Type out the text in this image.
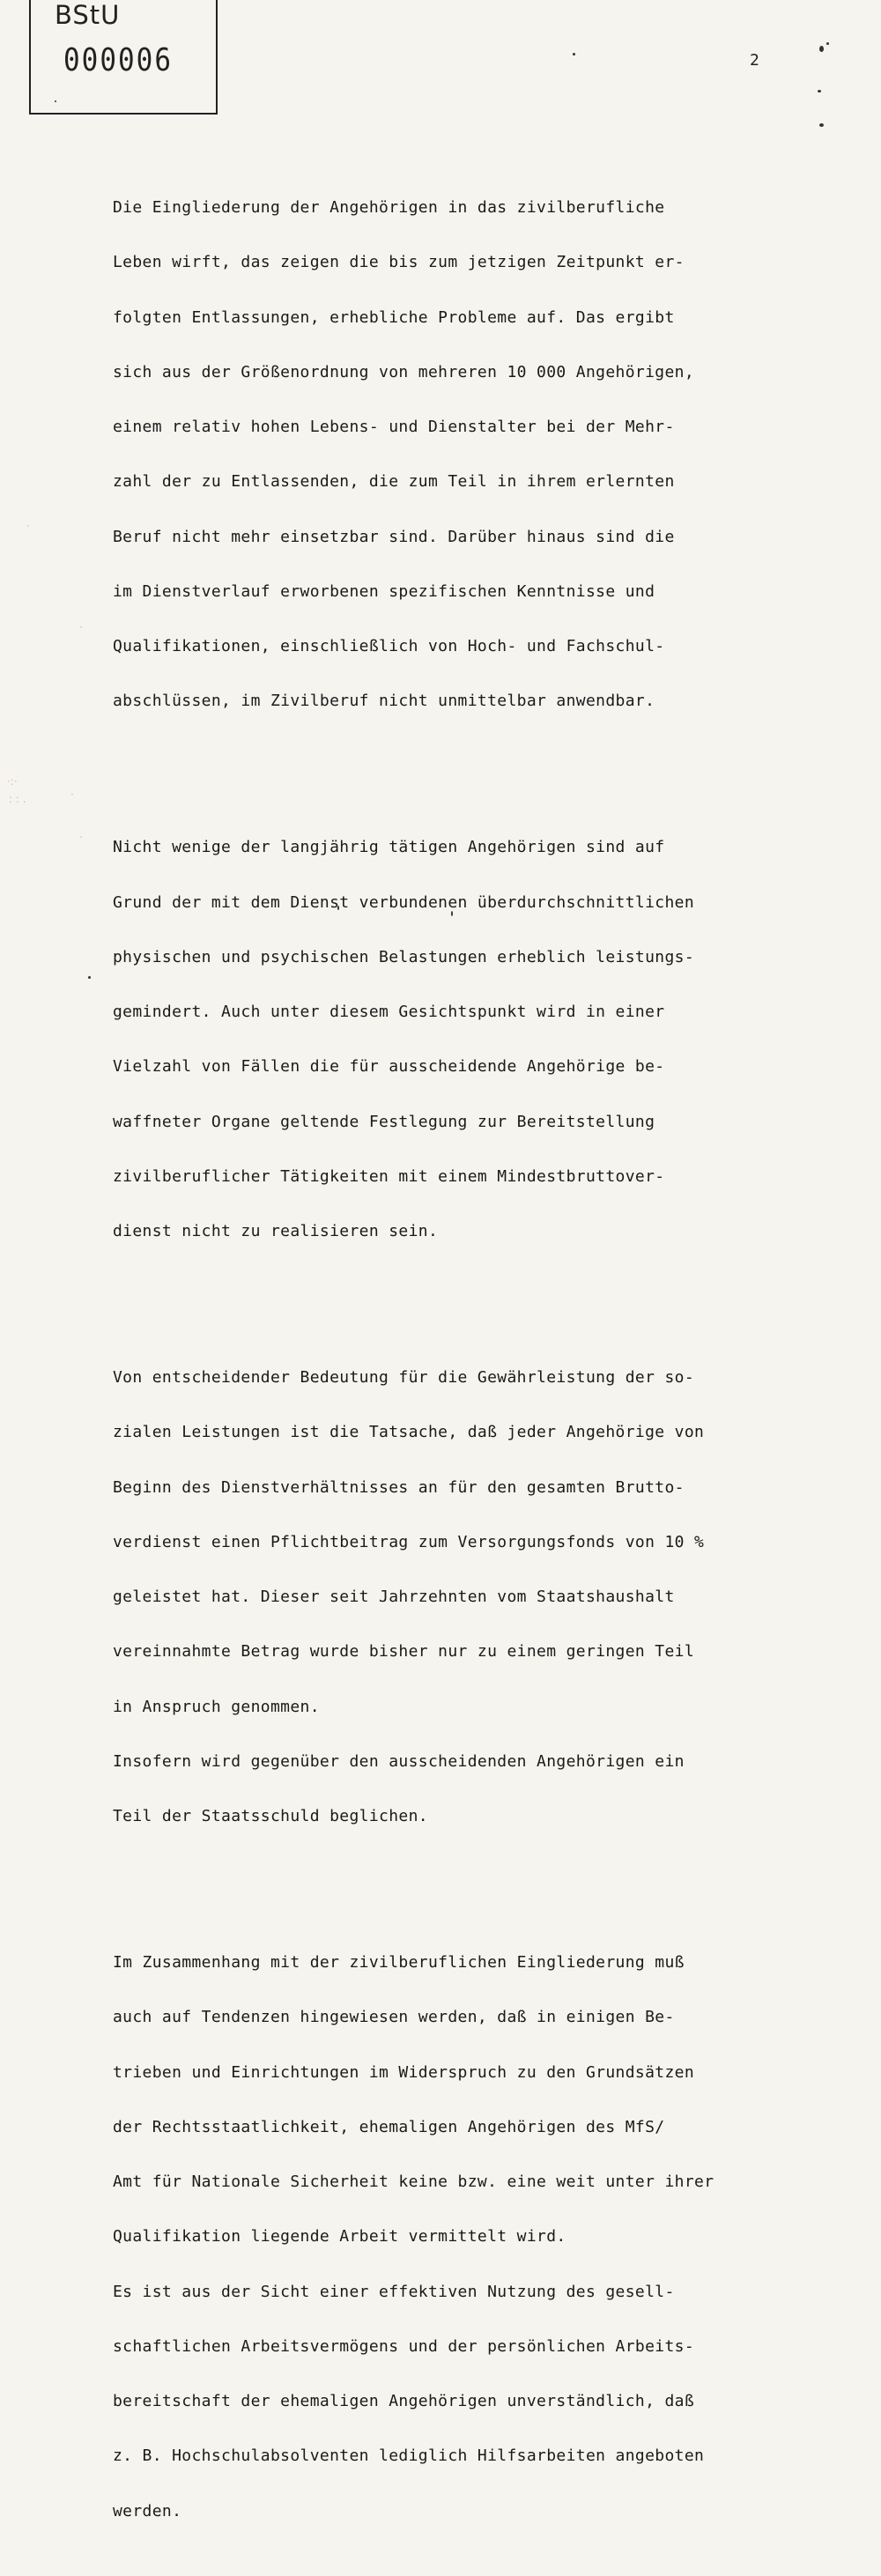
BStU
000006	2
·:·
: : .	·
.
·
·

Die Eingliederung der Angehörigen in das zivilberufliche

Leben wirft, das zeigen die bis zum jetzigen Zeitpunkt er-

folgten Entlassungen, erhebliche Probleme auf. Das ergibt

sich aus der Größenordnung von mehreren 10 000 Angehörigen,

einem relativ hohen Lebens- und Dienstalter bei der Mehr-

zahl der zu Entlassenden, die zum Teil in ihrem erlernten

Beruf nicht mehr einsetzbar sind. Darüber hinaus sind die

im Dienstverlauf erworbenen spezifischen Kenntnisse und

Qualifikationen, einschließlich von Hoch- und Fachschul-

abschlüssen, im Zivilberuf nicht unmittelbar anwendbar.

Nicht wenige der langjährig tätigen Angehörigen sind auf

Grund der mit dem Dienst verbundenen überdurchschnittlichen

physischen und psychischen Belastungen erheblich leistungs-

gemindert. Auch unter diesem Gesichtspunkt wird in einer

Vielzahl von Fällen die für ausscheidende Angehörige be-

waffneter Organe geltende Festlegung zur Bereitstellung

zivilberuflicher Tätigkeiten mit einem Mindestbruttover-

dienst nicht zu realisieren sein.

Von entscheidender Bedeutung für die Gewährleistung der so-

zialen Leistungen ist die Tatsache, daß jeder Angehörige von

Beginn des Dienstverhältnisses an für den gesamten Brutto-

verdienst einen Pflichtbeitrag zum Versorgungsfonds von 10 %

geleistet hat. Dieser seit Jahrzehnten vom Staatshaushalt

vereinnahmte Betrag wurde bisher nur zu einem geringen Teil

in Anspruch genommen.

Insofern wird gegenüber den ausscheidenden Angehörigen ein

Teil der Staatsschuld beglichen.

Im Zusammenhang mit der zivilberuflichen Eingliederung muß

auch auf Tendenzen hingewiesen werden, daß in einigen Be-

trieben und Einrichtungen im Widerspruch zu den Grundsätzen

der Rechtsstaatlichkeit, ehemaligen Angehörigen des MfS/

Amt für Nationale Sicherheit keine bzw. eine weit unter ihrer

Qualifikation liegende Arbeit vermittelt wird.

Es ist aus der Sicht einer effektiven Nutzung des gesell-

schaftlichen Arbeitsvermögens und der persönlichen Arbeits-

bereitschaft der ehemaligen Angehörigen unverständlich, daß

z. B. Hochschulabsolventen lediglich Hilfsarbeiten angeboten

werden.
